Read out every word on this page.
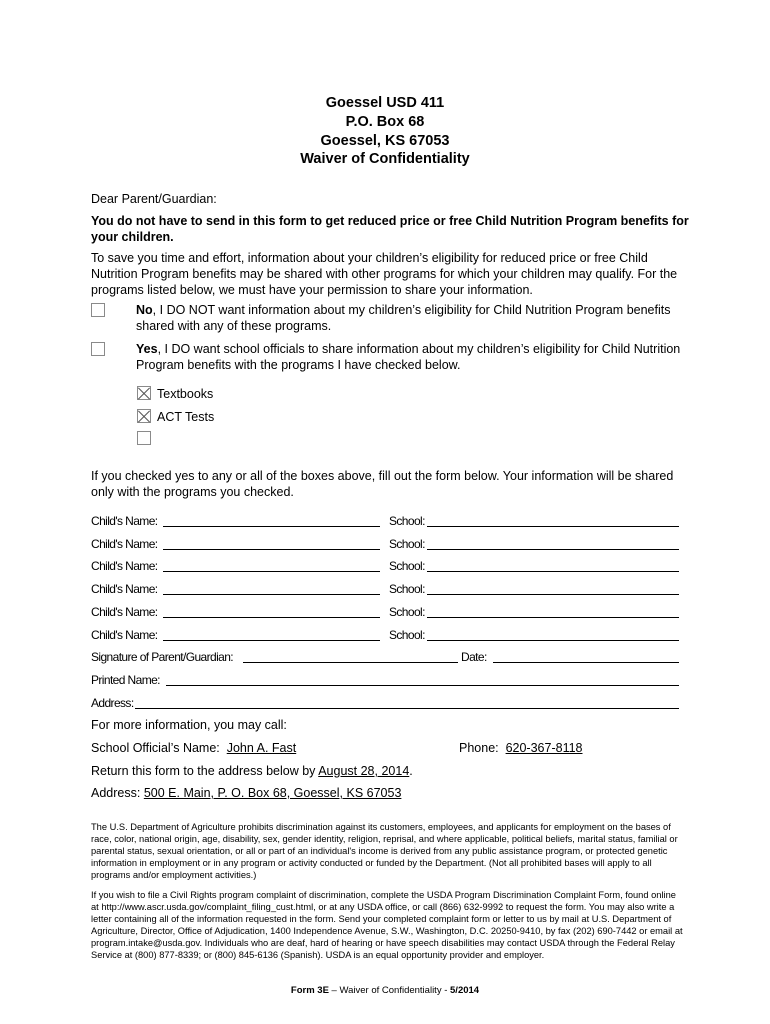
Goessel USD 411
P.O. Box 68
Goessel, KS 67053
Waiver of Confidentiality
Dear Parent/Guardian:
You do not have to send in this form to get reduced price or free Child Nutrition Program benefits for your children.
To save you time and effort, information about your children’s eligibility for reduced price or free Child Nutrition Program benefits may be shared with other programs for which your children may qualify. For the programs listed below, we must have your permission to share your information.
No, I DO NOT want information about my children’s eligibility for Child Nutrition Program benefits shared with any of these programs.
Yes, I DO want school officials to share information about my children’s eligibility for Child Nutrition Program benefits with the programs I have checked below.
Textbooks
ACT Tests
If you checked yes to any or all of the boxes above, fill out the form below. Your information will be shared only with the programs you checked.
Child's Name:	School:
Child's Name:	School:
Child's Name:	School:
Child's Name:	School:
Child's Name:	School:
Child's Name:	School:
Signature of Parent/Guardian:	Date:
Printed Name:
Address:
For more information, you may call:
School Official’s Name: John A. Fast	Phone: 620-367-8118
Return this form to the address below by August 28, 2014.
Address: 500 E. Main, P. O. Box 68, Goessel, KS 67053
The U.S. Department of Agriculture prohibits discrimination against its customers, employees, and applicants for employment on the bases of race, color, national origin, age, disability, sex, gender identity, religion, reprisal, and where applicable, political beliefs, marital status, familial or parental status, sexual orientation, or all or part of an individual's income is derived from any public assistance program, or protected genetic information in employment or in any program or activity conducted or funded by the Department. (Not all prohibited bases will apply to all programs and/or employment activities.)
If you wish to file a Civil Rights program complaint of discrimination, complete the USDA Program Discrimination Complaint Form, found online at http://www.ascr.usda.gov/complaint_filing_cust.html, or at any USDA office, or call (866) 632-9992 to request the form. You may also write a letter containing all of the information requested in the form. Send your completed complaint form or letter to us by mail at U.S. Department of Agriculture, Director, Office of Adjudication, 1400 Independence Avenue, S.W., Washington, D.C. 20250-9410, by fax (202) 690-7442 or email at program.intake@usda.gov. Individuals who are deaf, hard of hearing or have speech disabilities may contact USDA through the Federal Relay Service at (800) 877-8339; or (800) 845-6136 (Spanish). USDA is an equal opportunity provider and employer.
Form 3E – Waiver of Confidentiality - 5/2014
